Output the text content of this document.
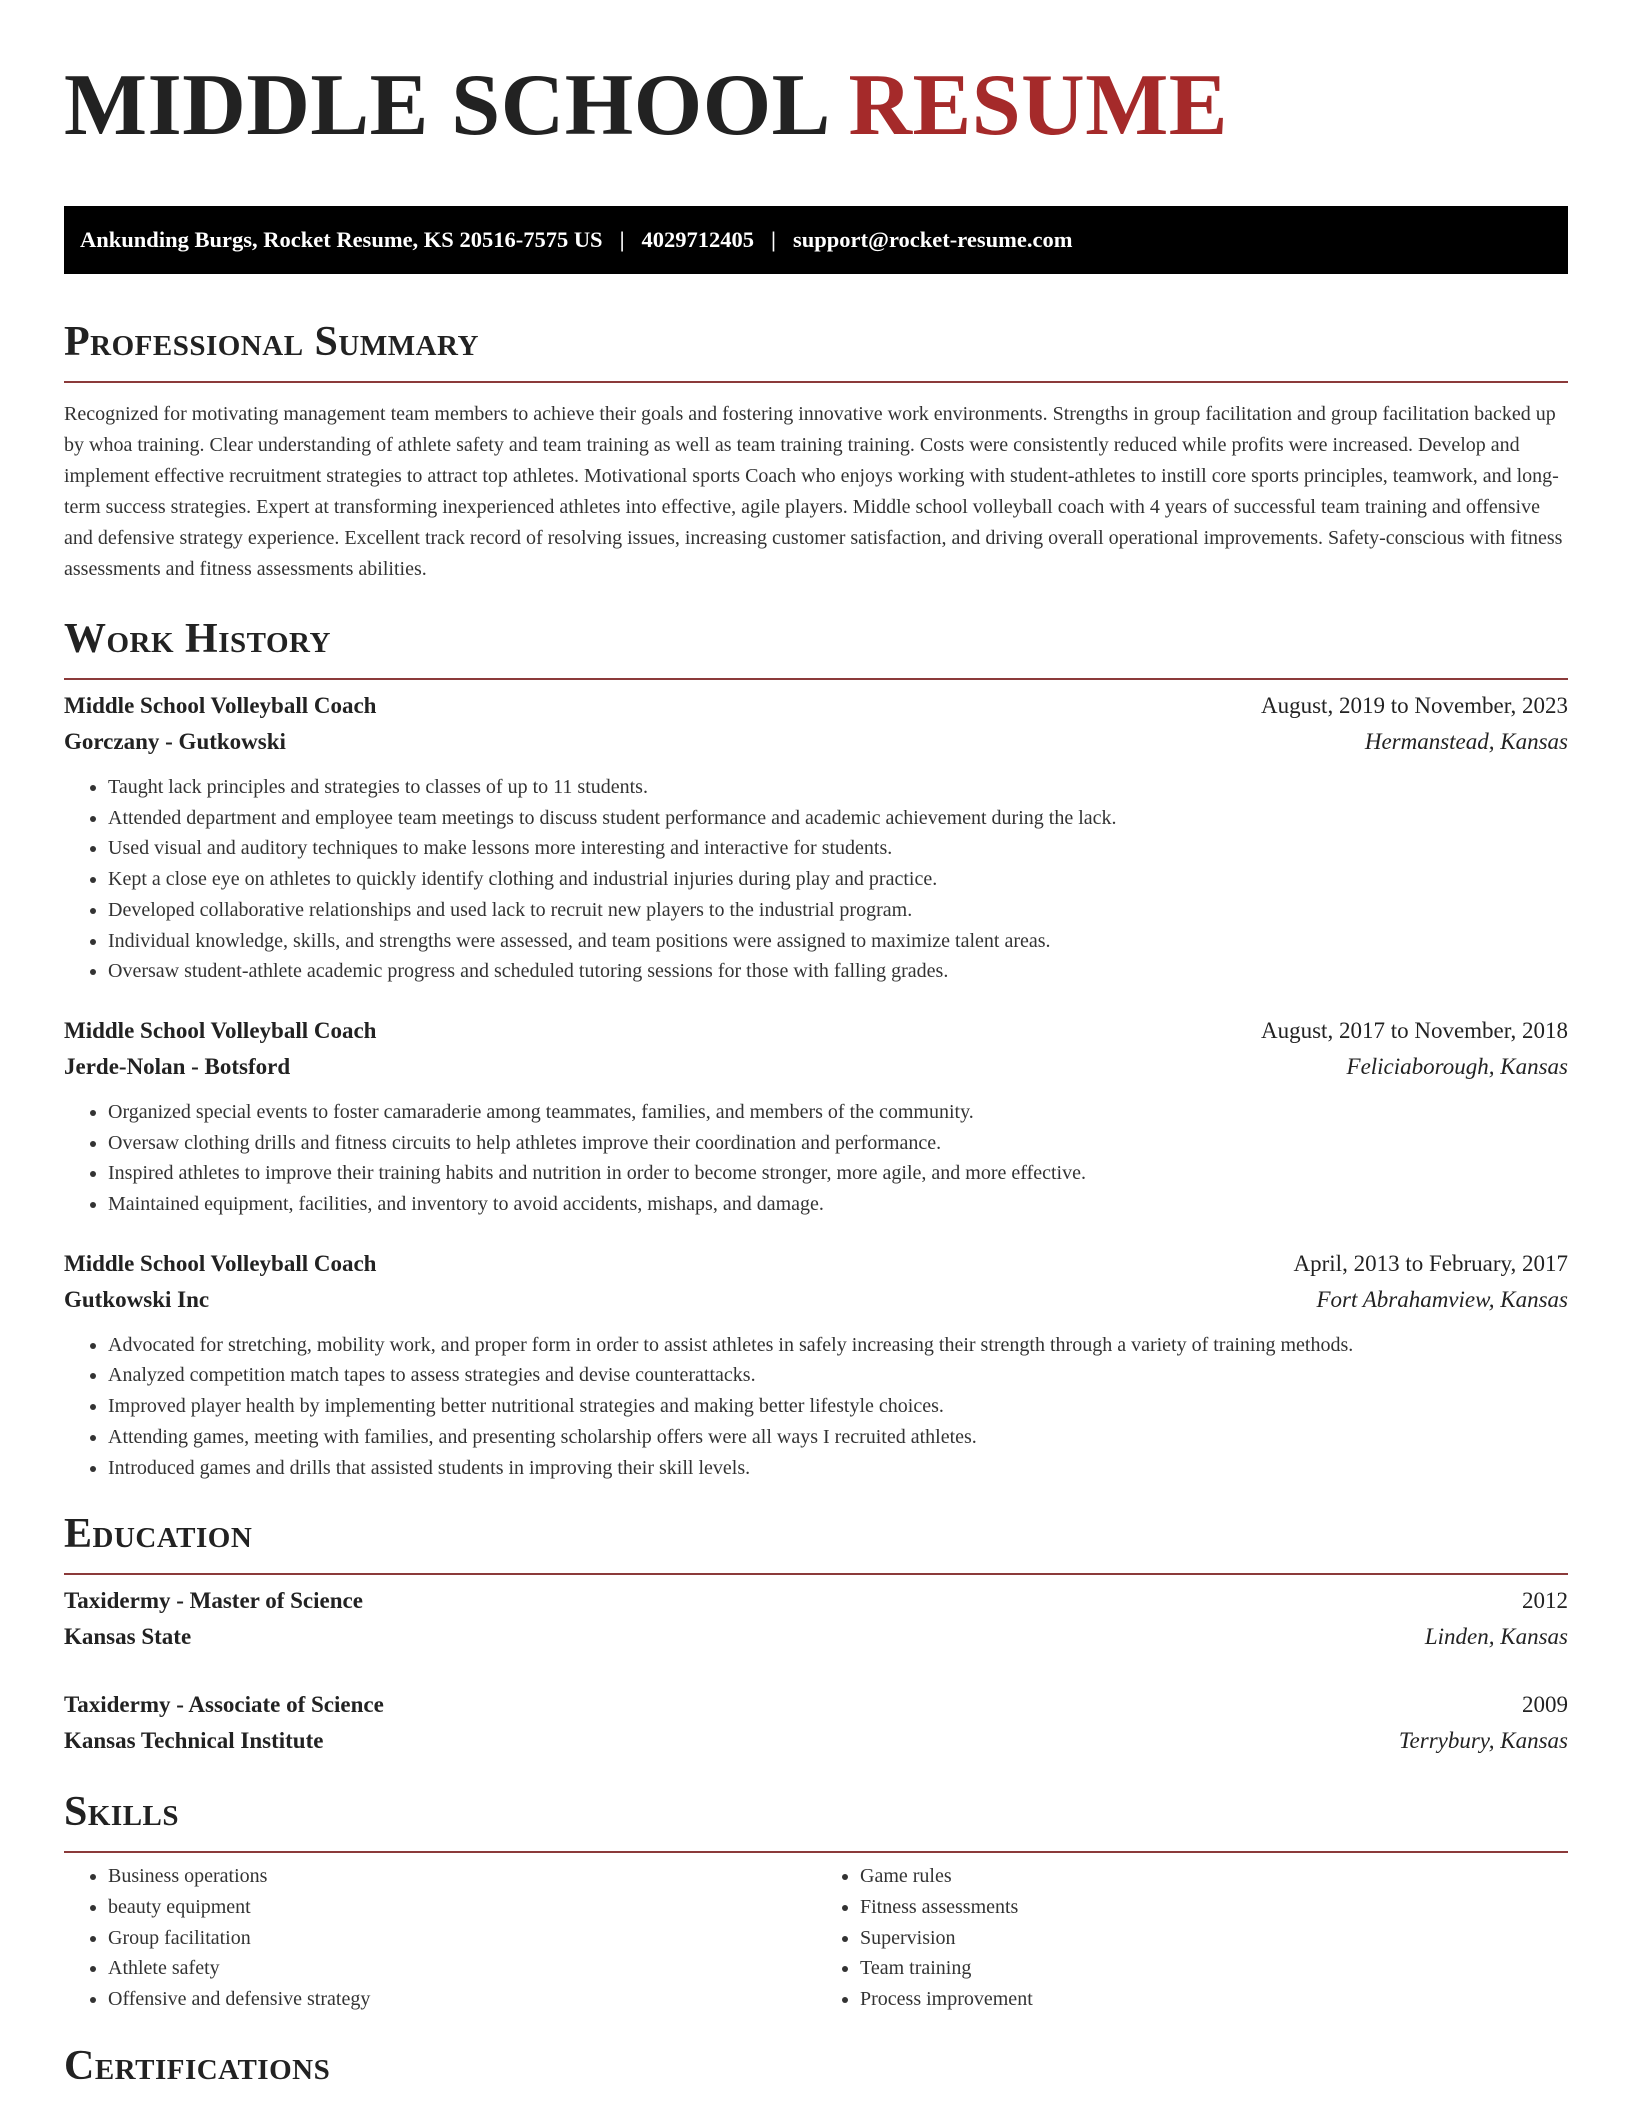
MIDDLE SCHOOL RESUME
Ankunding Burgs, Rocket Resume, KS 20516-7575 US | 4029712405 | support@rocket-resume.com
Professional Summary

Recognized for motivating management team members to achieve their goals and fostering innovative work environments. Strengths in group facilitation and group facilitation backed up by whoa training. Clear understanding of athlete safety and team training as well as team training training. Costs were consistently reduced while profits were increased. Develop and implement effective recruitment strategies to attract top athletes. Motivational sports Coach who enjoys working with student-athletes to instill core sports principles, teamwork, and long-term success strategies. Expert at transforming inexperienced athletes into effective, agile players. Middle school volleyball coach with 4 years of successful team training and offensive and defensive strategy experience. Excellent track record of resolving issues, increasing customer satisfaction, and driving overall operational improvements. Safety-conscious with fitness assessments and fitness assessments abilities.

Work History
Middle School Volleyball Coach	August, 2019 to November, 2023
Gorczany - Gutkowski	Hermanstead, Kansas
• Taught lack principles and strategies to classes of up to 11 students.
• Attended department and employee team meetings to discuss student performance and academic achievement during the lack.
• Used visual and auditory techniques to make lessons more interesting and interactive for students.
• Kept a close eye on athletes to quickly identify clothing and industrial injuries during play and practice.
• Developed collaborative relationships and used lack to recruit new players to the industrial program.
• Individual knowledge, skills, and strengths were assessed, and team positions were assigned to maximize talent areas.
• Oversaw student-athlete academic progress and scheduled tutoring sessions for those with falling grades.
Middle School Volleyball Coach	August, 2017 to November, 2018
Jerde-Nolan - Botsford	Feliciaborough, Kansas
• Organized special events to foster camaraderie among teammates, families, and members of the community.
• Oversaw clothing drills and fitness circuits to help athletes improve their coordination and performance.
• Inspired athletes to improve their training habits and nutrition in order to become stronger, more agile, and more effective.
• Maintained equipment, facilities, and inventory to avoid accidents, mishaps, and damage.
Middle School Volleyball Coach	April, 2013 to February, 2017
Gutkowski Inc	Fort Abrahamview, Kansas
• Advocated for stretching, mobility work, and proper form in order to assist athletes in safely increasing their strength through a variety of training methods.
• Analyzed competition match tapes to assess strategies and devise counterattacks.
• Improved player health by implementing better nutritional strategies and making better lifestyle choices.
• Attending games, meeting with families, and presenting scholarship offers were all ways I recruited athletes.
• Introduced games and drills that assisted students in improving their skill levels.
Education
Taxidermy - Master of Science	2012
Kansas State	Linden, Kansas
Taxidermy - Associate of Science	2009
Kansas Technical Institute	Terrybury, Kansas
Skills
• Business operations
• beauty equipment
• Group facilitation
• Athlete safety
• Offensive and defensive strategy
• Game rules
• Fitness assessments
• Supervision
• Team training
• Process improvement
Certifications
